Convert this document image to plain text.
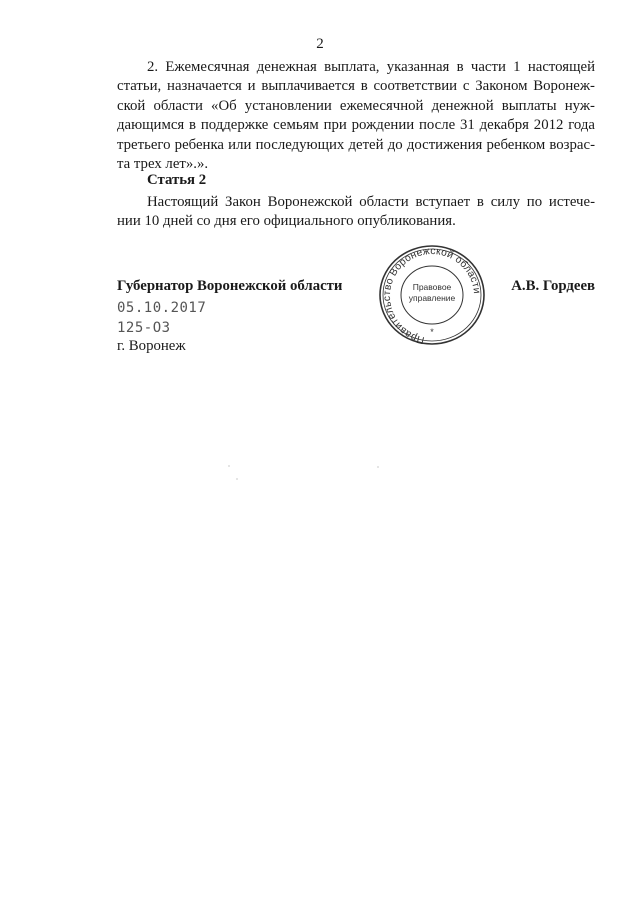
2
2. Ежемесячная денежная выплата, указанная в части 1 настоящей
статьи, назначается и выплачивается в соответствии с Законом Воронеж-
ской области «Об установлении ежемесячной денежной выплаты нуж-
дающимся в поддержке семьям при рождении после 31 декабря 2012 года
третьего ребенка или последующих детей до достижения ребенком возрас-
та трех лет».».
Статья 2
Настоящий Закон Воронежской области вступает в силу по истече-
нии 10 дней со дня его официального опубликования.
Губернатор Воронежской области	А.В. Гордеев
05.10.2017
125-ОЗ
г. Воронеж	Правительство Воронежской области
Правовое
управление
*
